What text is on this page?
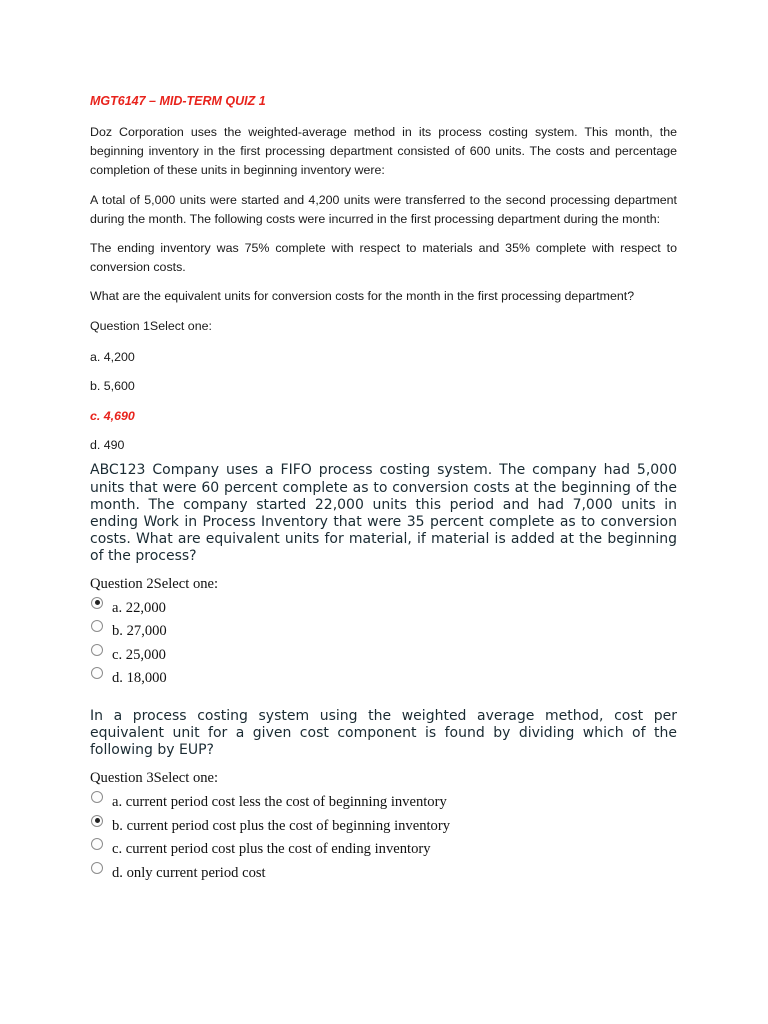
MGT6147 – MID-TERM QUIZ 1

Doz Corporation uses the weighted-average method in its process costing system. This month, the beginning inventory in the first processing department consisted of 600 units. The costs and percentage completion of these units in beginning inventory were:

A total of 5,000 units were started and 4,200 units were transferred to the second processing department during the month. The following costs were incurred in the first processing department during the month:

The ending inventory was 75% complete with respect to materials and 35% complete with respect to conversion costs.

What are the equivalent units for conversion costs for the month in the first processing department?

Question 1Select one:

a. 4,200
b. 5,600
c. 4,690
d. 490

ABC123 Company uses a FIFO process costing system. The company had 5,000 units that were 60 percent complete as to conversion costs at the beginning of the month. The company started 22,000 units this period and had 7,000 units in ending Work in Process Inventory that were 35 percent complete as to conversion costs. What are equivalent units for material, if material is added at the beginning of the process?

Question 2Select one:
a. 22,000
b. 27,000
c. 25,000
d. 18,000

In a process costing system using the weighted average method, cost per equivalent unit for a given cost component is found by dividing which of the following by EUP?

Question 3Select one:
a. current period cost less the cost of beginning inventory
b. current period cost plus the cost of beginning inventory
c. current period cost plus the cost of ending inventory
d. only current period cost
